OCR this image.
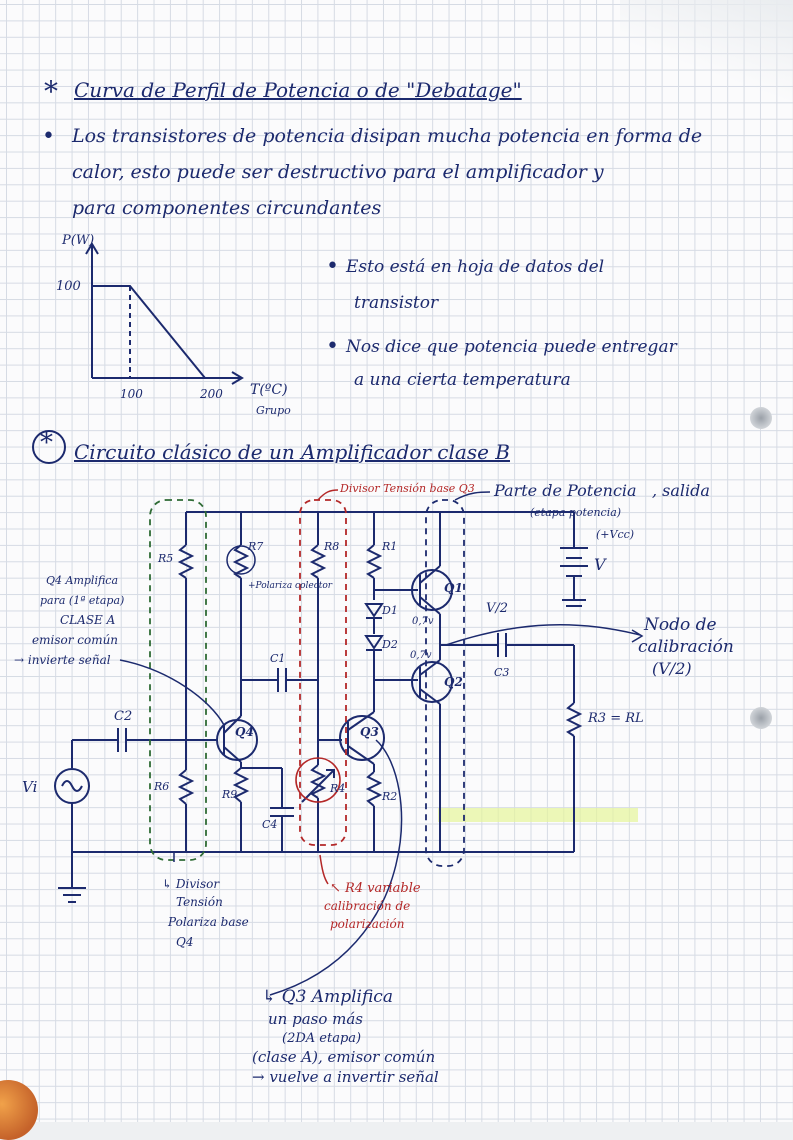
* Curva de Perfil de Potencia o de "Debatage"
• Los transistores de potencia disipan mucha potencia en forma de
calor, esto puede ser destructivo para el amplificador y
para componentes circundantes
P(W)
100
100	200 T(ºC)
Grupo
• Esto está en hoja de datos del
transistor
• Nos dice que potencia puede entregar
a una cierta temperatura
* Circuito clásico de un Amplificador clase B
R5
R6
R7
+Polariza colector
R8	R1
R2
R3 = RL
R4
R9
C1
C2
C3
C4
D1
D2
Q1
Q2
Q3
Q4
Vi
(+Vcc)
V
V/2
0,7v
0,7v
Divisor Tensión base Q3
↖ R4 variable
calibración de
polarización
Parte de Potencia , salida
(etapa potencia)
Nodo de
calibración
(V/2)
Q4 Amplifica
para (1ª etapa)
CLASE A
emisor común
→ invierte señal
↳ Divisor
Tensión
Polariza base
Q4
↳ Q3 Amplifica
un paso más
(2DA etapa)
(clase A), emisor común
→ vuelve a invertir señal
